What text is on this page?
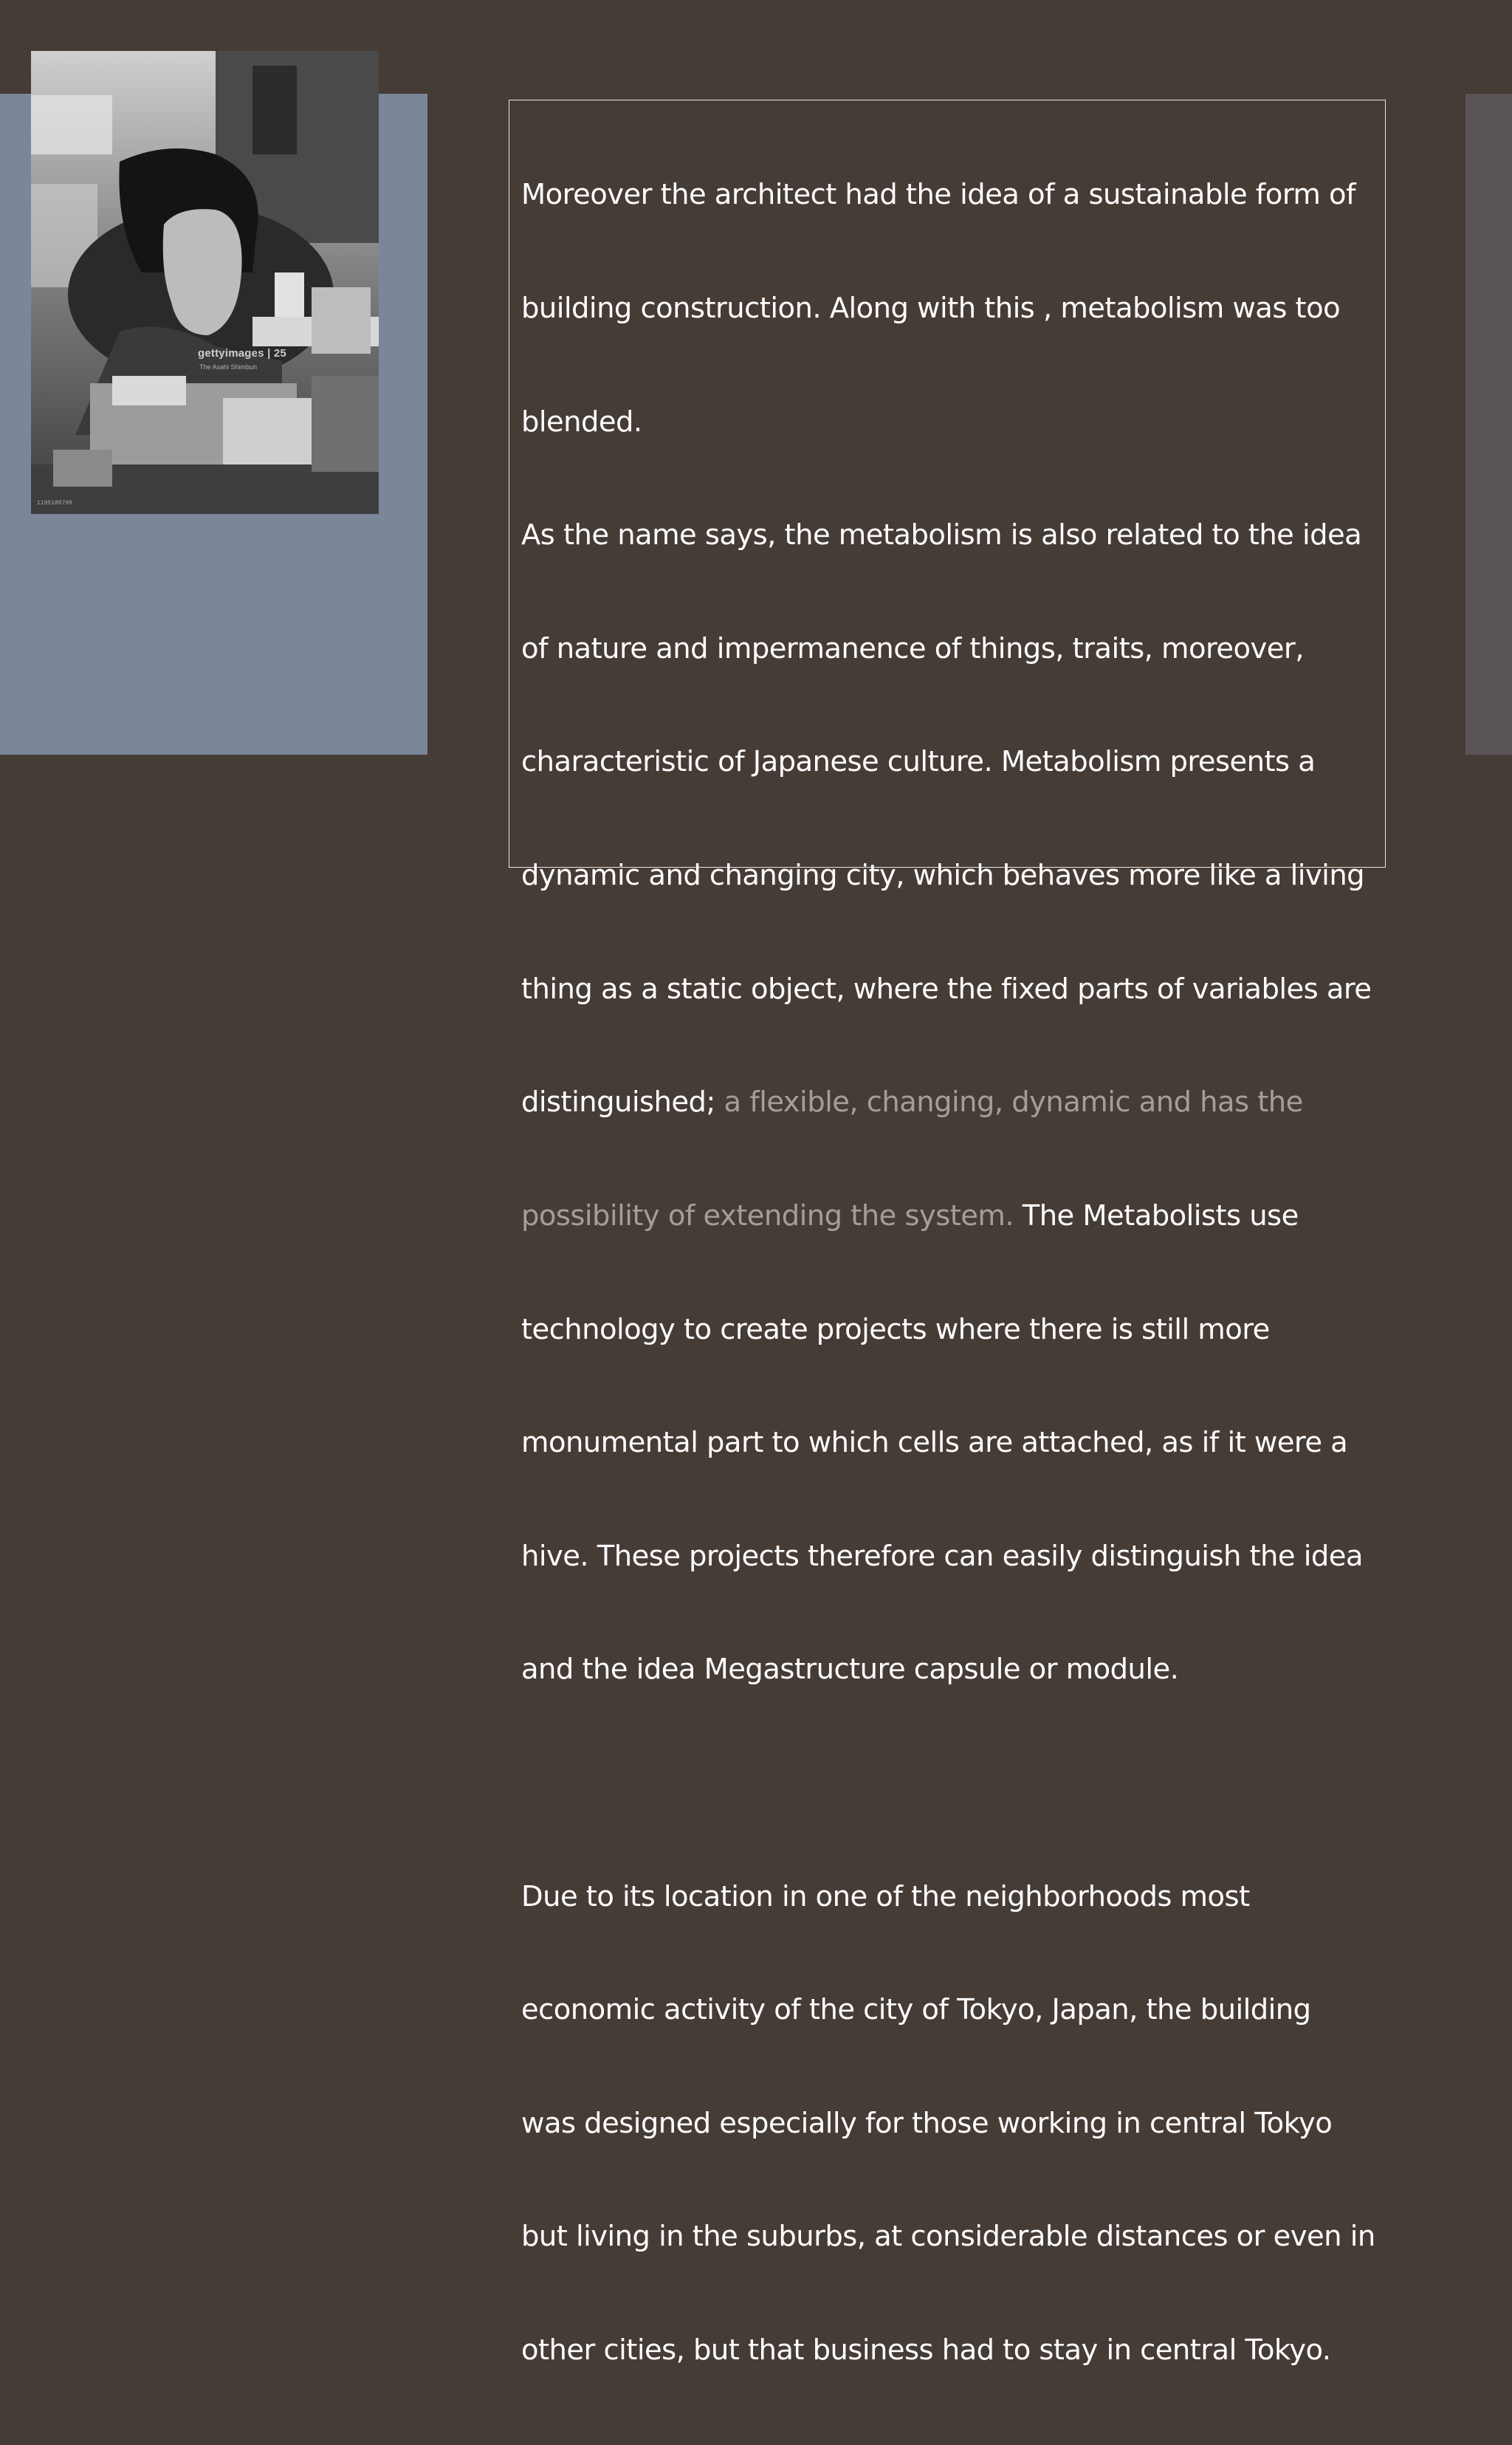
gettyimages | 25
The Asahi Shimbun
1195188799

Moreover the architect had the idea of a sustainable form of

building construction. Along with this , metabolism was too

blended.

As the name says, the metabolism is also related to the idea

of nature and impermanence of things, traits, moreover,

characteristic of Japanese culture. Metabolism presents a

dynamic and changing city, which behaves more like a living

thing as a static object, where the fixed parts of variables are

distinguished; a flexible, changing, dynamic and has the

possibility of extending the system. The Metabolists use

technology to create projects where there is still more

monumental part to which cells are attached, as if it were a

hive. These projects therefore can easily distinguish the idea

and the idea Megastructure capsule or module.

Due to its location in one of the neighborhoods most

economic activity of the city of Tokyo, Japan, the building

was designed especially for those working in central Tokyo

but living in the suburbs, at considerable distances or even in

other cities, but that business had to stay in central Tokyo.
